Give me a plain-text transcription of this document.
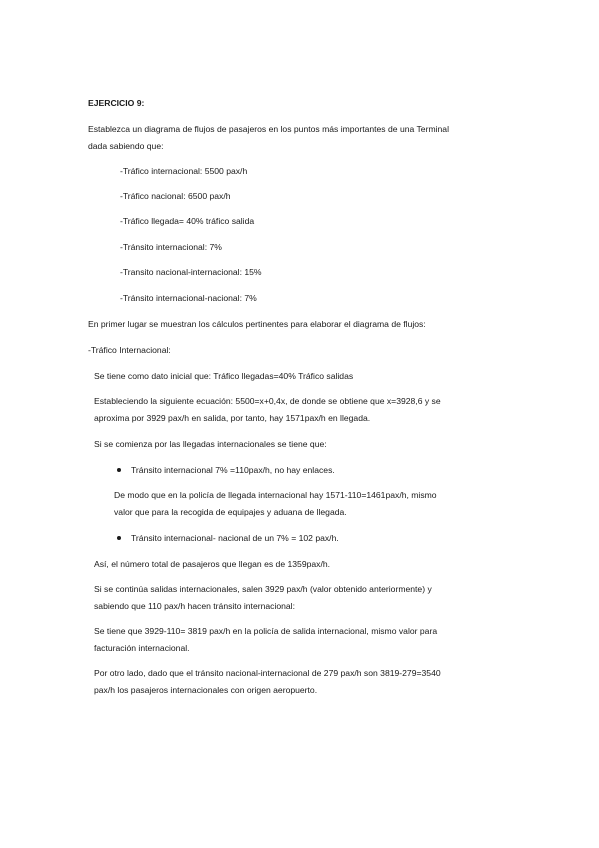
EJERCICIO 9:
Establezca un diagrama de flujos de pasajeros en los puntos más importantes de una Terminal
dada sabiendo que:
-Tráfico internacional: 5500 pax/h
-Tráfico nacional: 6500 pax/h
-Tráfico llegada= 40% tráfico salida
-Tránsito internacional: 7%
-Transito nacional-internacional: 15%
-Tránsito internacional-nacional: 7%
En primer lugar se muestran los cálculos pertinentes para elaborar el diagrama de flujos:
-Tráfico Internacional:
Se tiene como dato inicial que: Tráfico llegadas=40% Tráfico salidas
Estableciendo la siguiente ecuación: 5500=x+0,4x, de donde se obtiene que x=3928,6 y se
aproxima por 3929 pax/h en salida, por tanto, hay 1571pax/h en llegada.
Si se comienza por las llegadas internacionales se tiene que:
Tránsito internacional 7% =110pax/h, no hay enlaces.
De modo que en la policía de llegada internacional hay 1571-110=1461pax/h, mismo
valor que para la recogida de equipajes y aduana de llegada.
Tránsito internacional- nacional de un 7% = 102 pax/h.
Así, el número total de pasajeros que llegan es de 1359pax/h.
Si se continúa salidas internacionales, salen 3929 pax/h (valor obtenido anteriormente) y
sabiendo que 110 pax/h hacen tránsito internacional:
Se tiene que 3929-110= 3819 pax/h en la policía de salida internacional, mismo valor para
facturación internacional.
Por otro lado, dado que el tránsito nacional-internacional de 279 pax/h son 3819-279=3540
pax/h los pasajeros internacionales con origen aeropuerto.
